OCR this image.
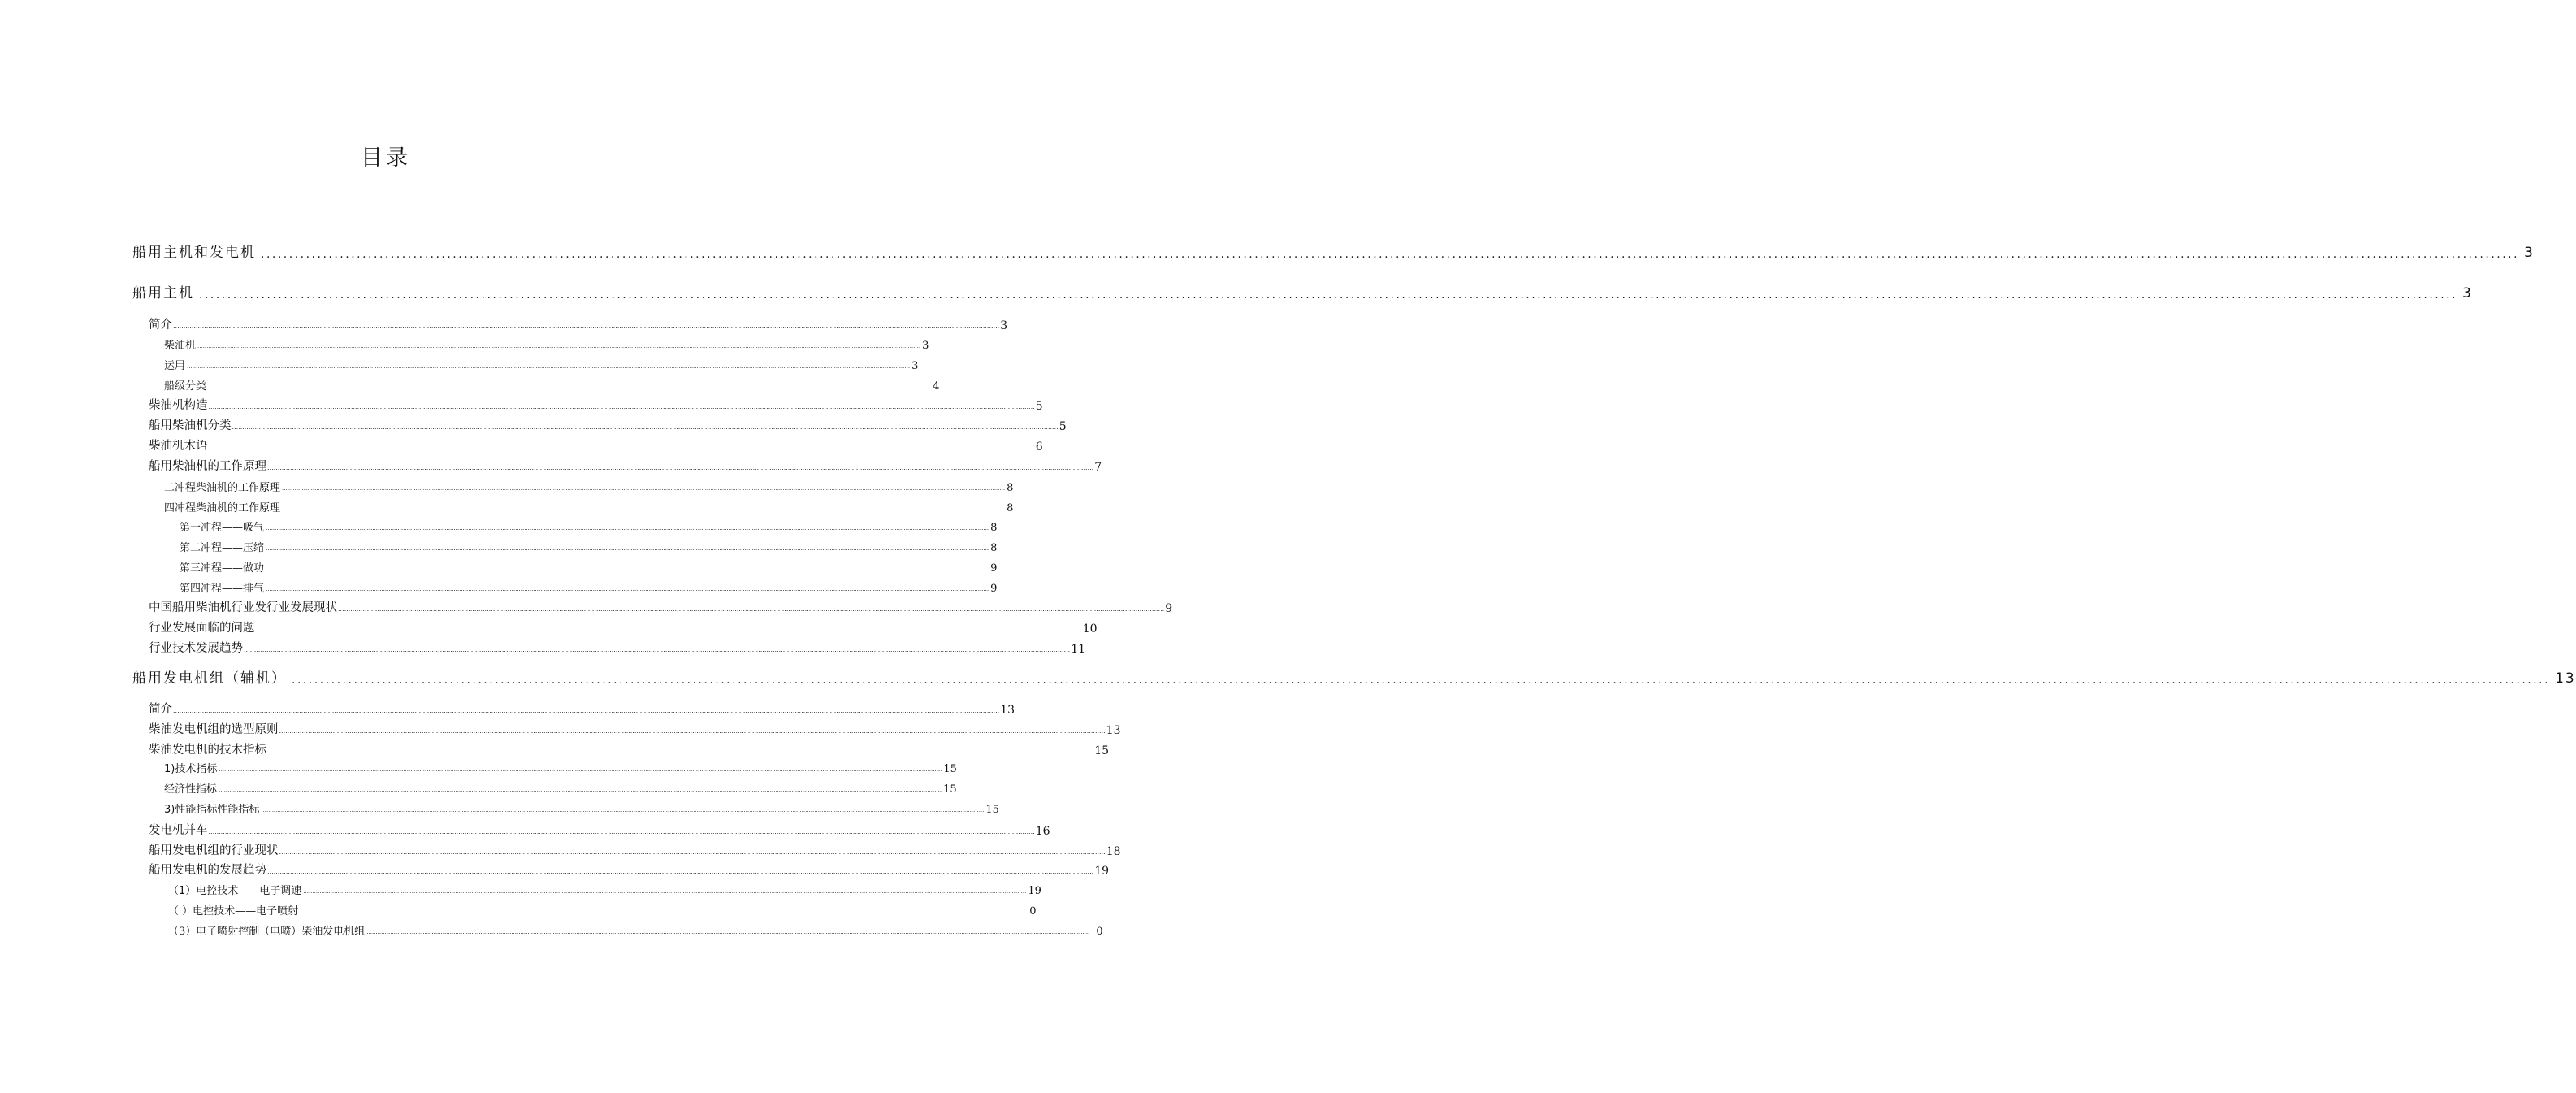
目录
船用主机和发电机 ................................................................................................................................................................................................................................................................................................................................................................................................................ 3
船用主机 ................................................................................................................................................................................................................................................................................................................................................................................................................ 3
简介 ................................................................................................................................................................................................................................................................................................................................................................................................................ 3
柴油机 ................................................................................................................................................................................................................................................................................................................................................................................................................ 3
运用 ................................................................................................................................................................................................................................................................................................................................................................................................................ 3
船级分类 ................................................................................................................................................................................................................................................................................................................................................................................................................ 4
柴油机构造 ................................................................................................................................................................................................................................................................................................................................................................................................................ 5
船用柴油机分类 ................................................................................................................................................................................................................................................................................................................................................................................................................ 5
柴油机术语 ................................................................................................................................................................................................................................................................................................................................................................................................................ 6
船用柴油机的工作原理 ................................................................................................................................................................................................................................................................................................................................................................................................................ 7
二冲程柴油机的工作原理 ................................................................................................................................................................................................................................................................................................................................................................................................................ 8
四冲程柴油机的工作原理 ................................................................................................................................................................................................................................................................................................................................................................................................................ 8
第一冲程——吸气 ................................................................................................................................................................................................................................................................................................................................................................................................................ 8
第二冲程——压缩 ................................................................................................................................................................................................................................................................................................................................................................................................................ 8
第三冲程——做功 ................................................................................................................................................................................................................................................................................................................................................................................................................ 9
第四冲程——排气 ................................................................................................................................................................................................................................................................................................................................................................................................................ 9
中国船用柴油机行业发行业发展现状 ................................................................................................................................................................................................................................................................................................................................................................................................................ 9
行业发展面临的问题 ................................................................................................................................................................................................................................................................................................................................................................................................................ 10
行业技术发展趋势 ................................................................................................................................................................................................................................................................................................................................................................................................................ 11
船用发电机组（辅机） ................................................................................................................................................................................................................................................................................................................................................................................................................ 13
简介 ................................................................................................................................................................................................................................................................................................................................................................................................................ 13
柴油发电机组的选型原则 ................................................................................................................................................................................................................................................................................................................................................................................................................ 13
柴油发电机的技术指标 ................................................................................................................................................................................................................................................................................................................................................................................................................ 15
1)技术指标 ................................................................................................................................................................................................................................................................................................................................................................................................................ 15
经济性指标 ................................................................................................................................................................................................................................................................................................................................................................................................................ 15
3)性能指标性能指标 ................................................................................................................................................................................................................................................................................................................................................................................................................ 15
发电机并车 ................................................................................................................................................................................................................................................................................................................................................................................................................ 16
船用发电机组的行业现状 ................................................................................................................................................................................................................................................................................................................................................................................................................ 18
船用发电机的发展趋势 ................................................................................................................................................................................................................................................................................................................................................................................................................ 19
（1）电控技术——电子调速 ................................................................................................................................................................................................................................................................................................................................................................................................................ 19
（ ）电控技术——电子喷射 ................................................................................................................................................................................................................................................................................................................................................................................................................ 0
（3）电子喷射控制（电喷）柴油发电机组 ................................................................................................................................................................................................................................................................................................................................................................................................................ 0
